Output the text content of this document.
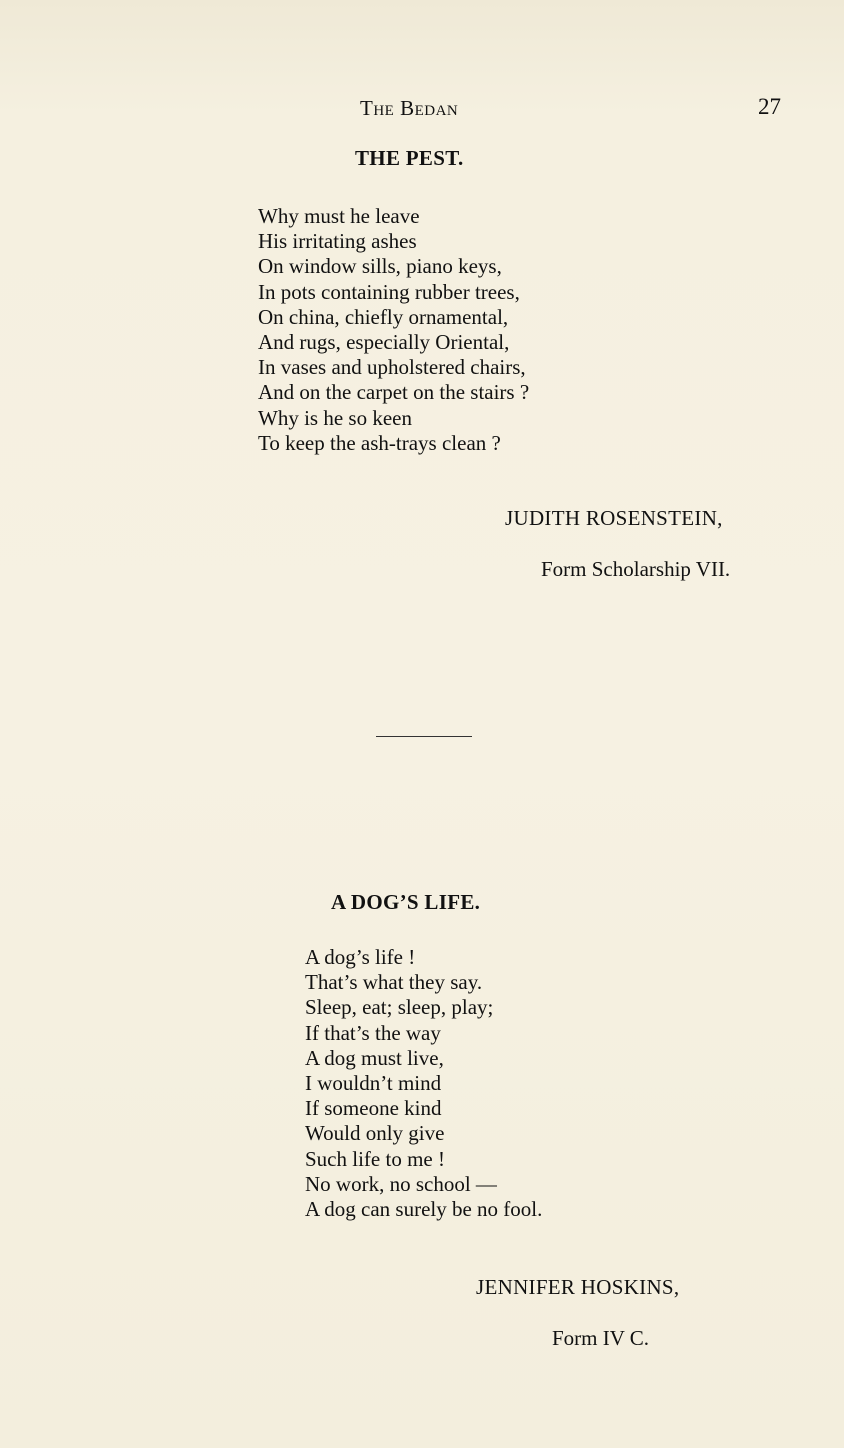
The Bedan	27
THE PEST.
Why must he leave
His irritating ashes
On window sills, piano keys,
In pots containing rubber trees,
On china, chiefly ornamental,
And rugs, especially Oriental,
In vases and upholstered chairs,
And on the carpet on the stairs ?
Why is he so keen
To keep the ash-trays clean ?
JUDITH ROSENSTEIN,
Form Scholarship VII.
A DOG’S LIFE.
A dog’s life !
That’s what they say.
Sleep, eat; sleep, play;
If that’s the way
A dog must live,
I wouldn’t mind
If someone kind
Would only give
Such life to me !
No work, no school —
A dog can surely be no fool.
JENNIFER HOSKINS,
Form IV C.
